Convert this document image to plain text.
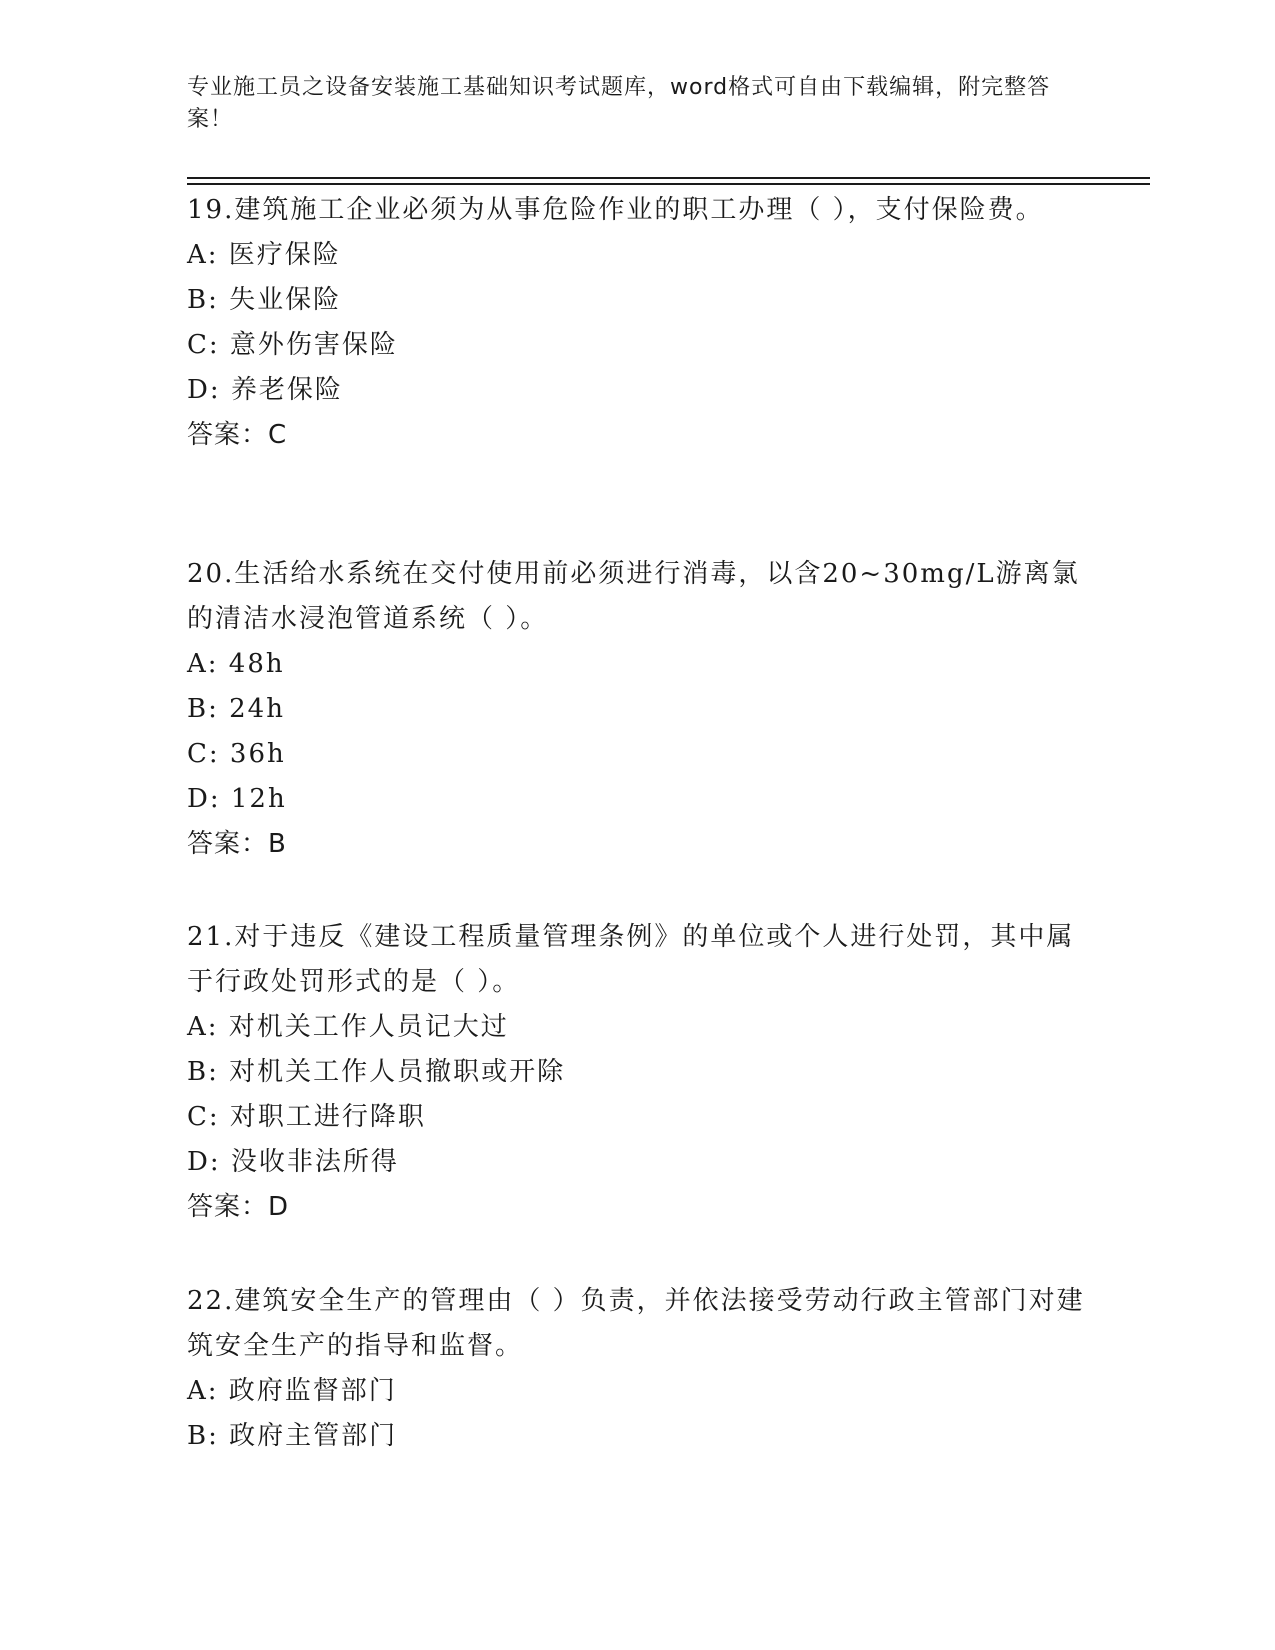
专业施工员之设备安装施工基础知识考试题库，word格式可自由下载编辑，附完整答案！

19.建筑施工企业必须为从事危险作业的职工办理（ ），支付保险费。

A: 医疗保险

B: 失业保险

C: 意外伤害保险

D: 养老保险

答案：C

20.生活给水系统在交付使用前必须进行消毒，以含20~30mg/L游离氯的清洁水浸泡管道系统（ ）。

A: 48h

B: 24h

C: 36h

D: 12h

答案：B

21.对于违反《建设工程质量管理条例》的单位或个人进行处罚，其中属于行政处罚形式的是（ ）。

A: 对机关工作人员记大过

B: 对机关工作人员撤职或开除

C: 对职工进行降职

D: 没收非法所得

答案：D

22.建筑安全生产的管理由（ ）负责，并依法接受劳动行政主管部门对建筑安全生产的指导和监督。

A: 政府监督部门

B: 政府主管部门
